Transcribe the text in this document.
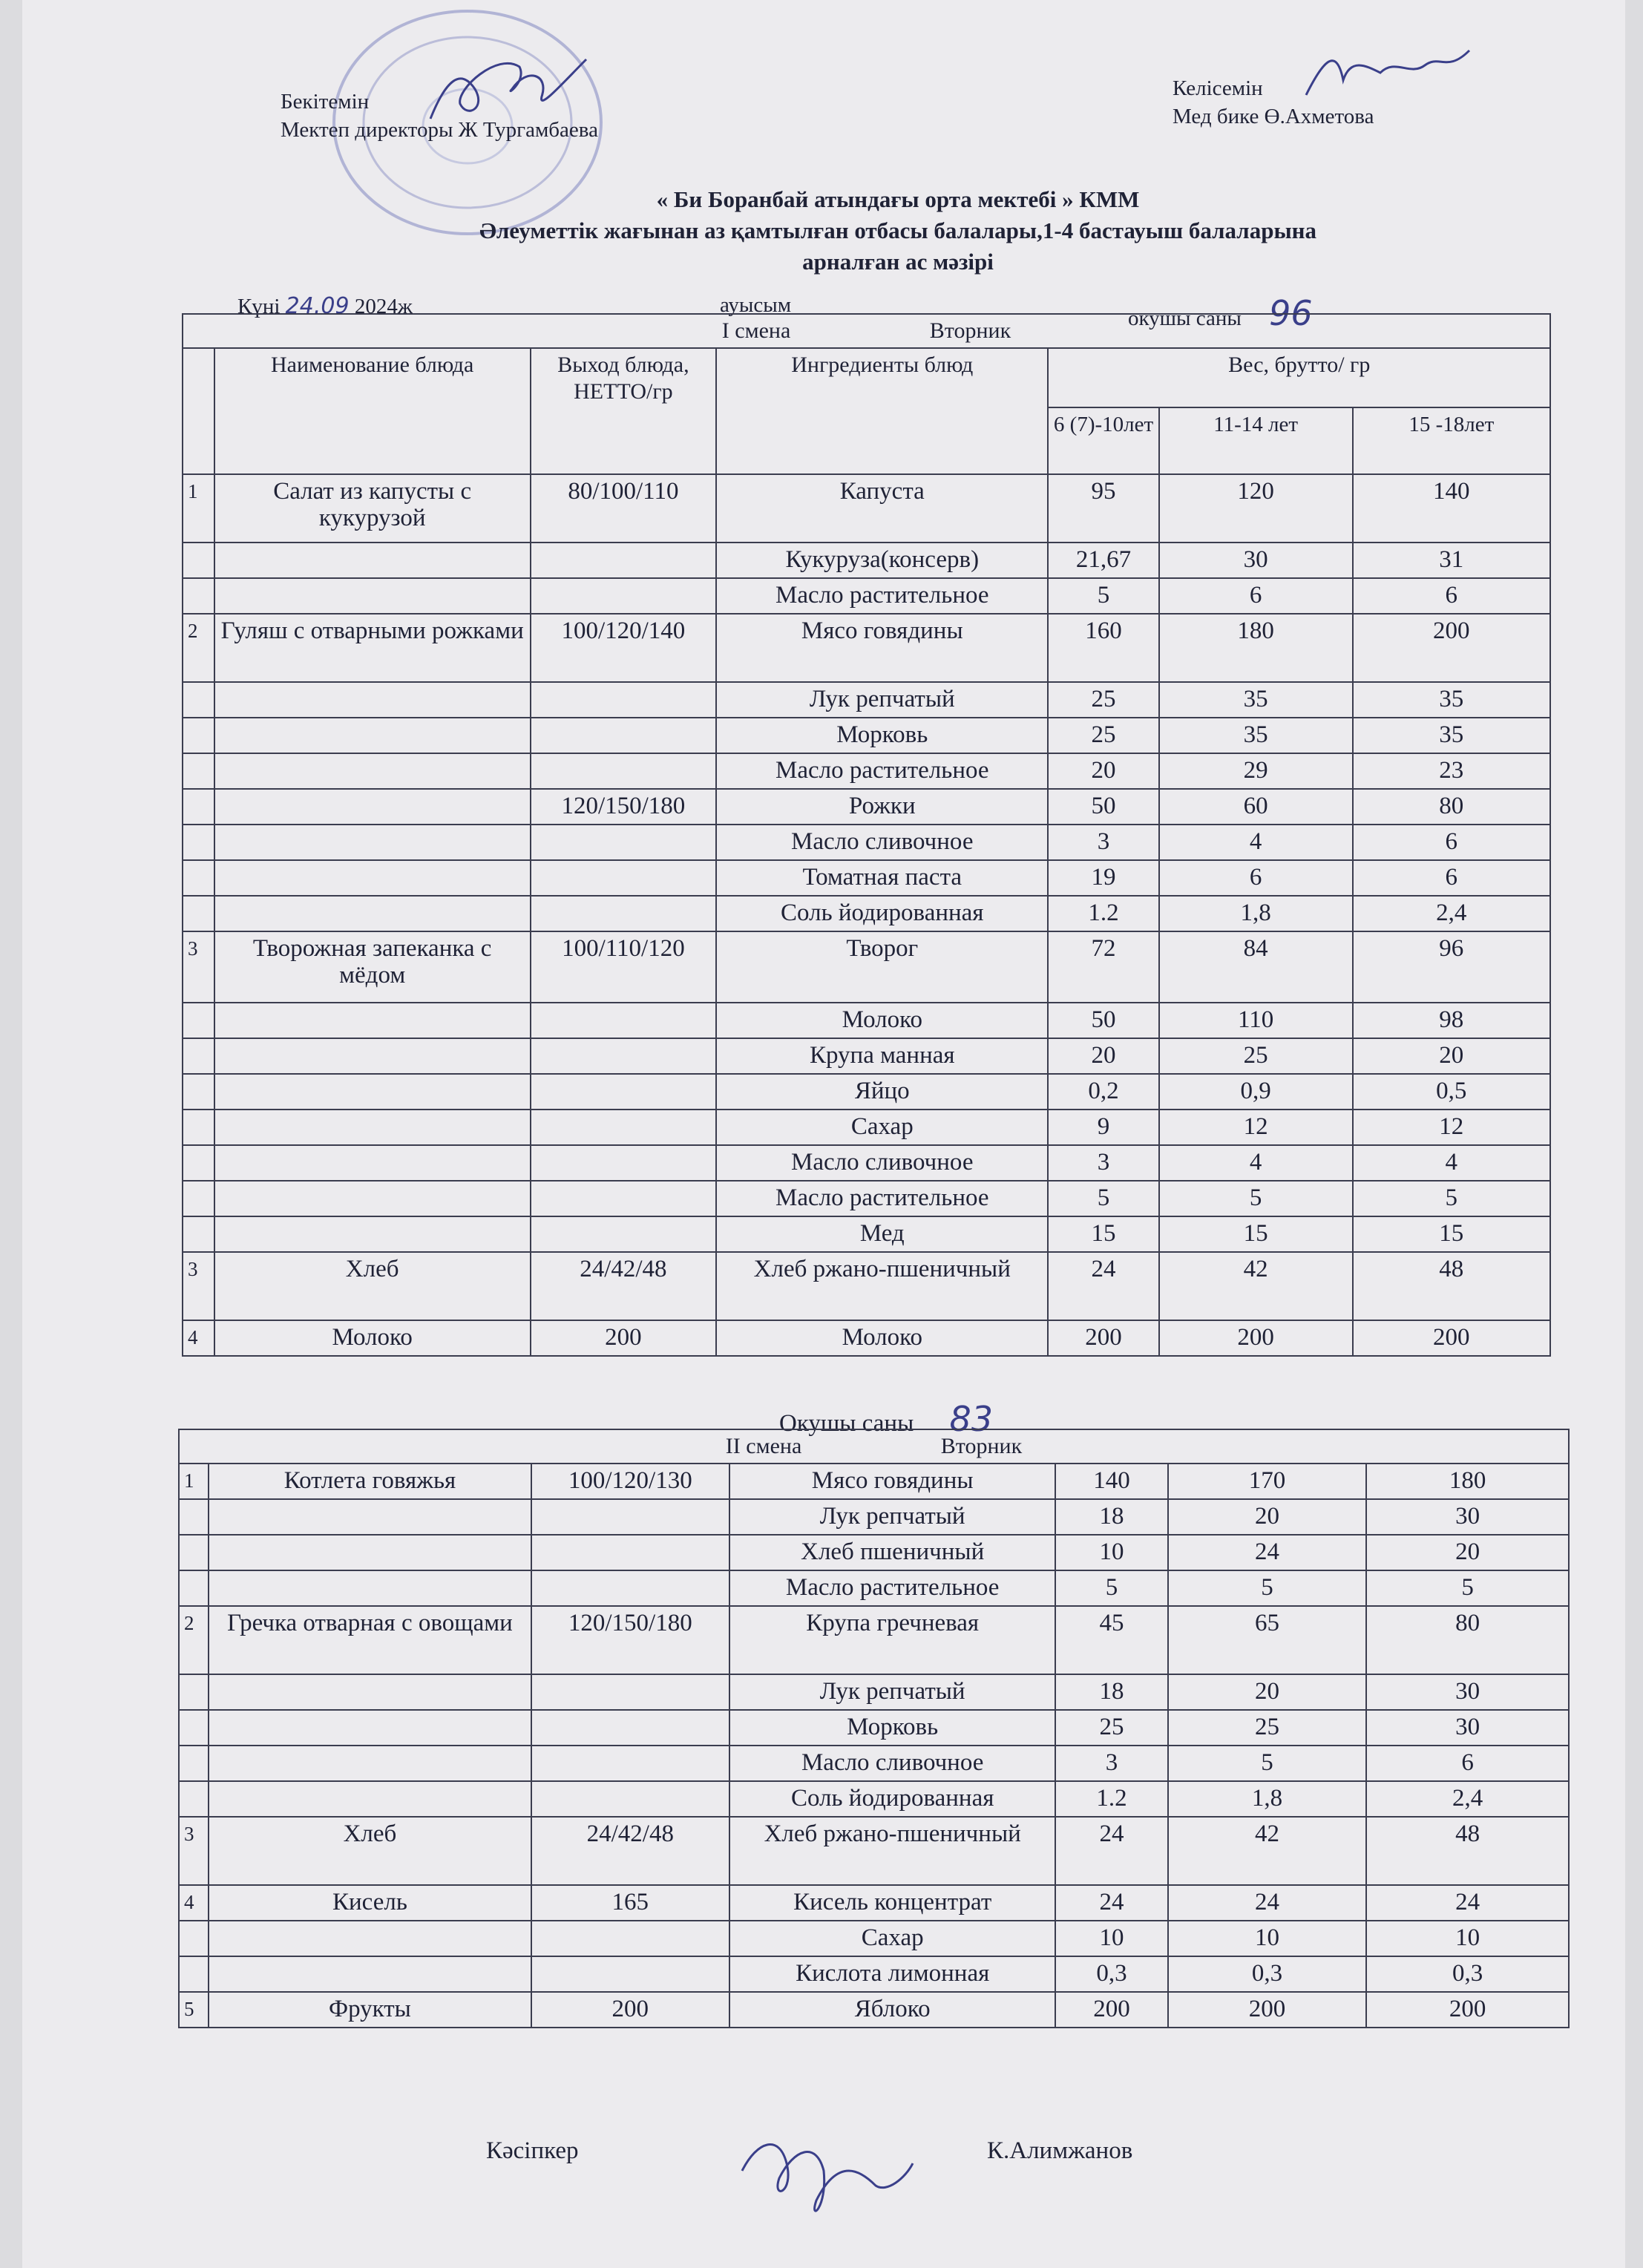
Бекітемін
Мектеп директоры Ж Тургамбаева
Келісемін
Мед бике Ө.Ахметова
« Би Боранбай атындағы орта мектебі » КММ
Әлеуметтік жағынан аз қамтылған отбасы балалары,1-4 бастауыш балаларына
арналған ас мәзірі
Күні 24.09 2024ж	ауысым
окушы саны 96
I смена Вторник						
	Наименование блюда	Выход блюда, НЕТТО/гр	Ингредиенты блюд	Вес, брутто/ гр		
				6 (7)-10лет	11-14 лет	15 -18лет
1	Салат из капусты с кукурузой	80/100/110	Капуста	95	120	140
			Кукуруза(консерв)	21,67	30	31
			Масло растительное	5	6	6
2	Гуляш с отварными рожками	100/120/140	Мясо говядины	160	180	200
			Лук репчатый	25	35	35
			Морковь	25	35	35
			Масло растительное	20	29	23
		120/150/180	Рожки	50	60	80
			Масло сливочное	3	4	6
			Томатная паста	19	6	6
			Соль йодированная	1.2	1,8	2,4
3	Творожная запеканка с мёдом	100/110/120	Творог	72	84	96
			Молоко	50	110	98
			Крупа манная	20	25	20
			Яйцо	0,2	0,9	0,5
			Сахар	9	12	12
			Масло сливочное	3	4	4
			Масло растительное	5	5	5
			Мед	15	15	15
3	Хлеб	24/42/48	Хлеб ржано-пшеничный	24	42	48
4	Молоко	200	Молоко	200	200	200
Окушы саны 83
II смена Вторник						
1	Котлета говяжья	100/120/130	Мясо говядины	140	170	180
			Лук репчатый	18	20	30
			Хлеб пшеничный	10	24	20
			Масло растительное	5	5	5
2	Гречка отварная с овощами	120/150/180	Крупа гречневая	45	65	80
			Лук репчатый	18	20	30
			Морковь	25	25	30
			Масло сливочное	3	5	6
			Соль йодированная	1.2	1,8	2,4
3	Хлеб	24/42/48	Хлеб ржано-пшеничный	24	42	48
4	Кисель	165	Кисель концентрат	24	24	24
			Сахар	10	10	10
			Кислота лимонная	0,3	0,3	0,3
5	Фрукты	200	Яблоко	200	200	200
Кәсіпкер	К.Алимжанов
